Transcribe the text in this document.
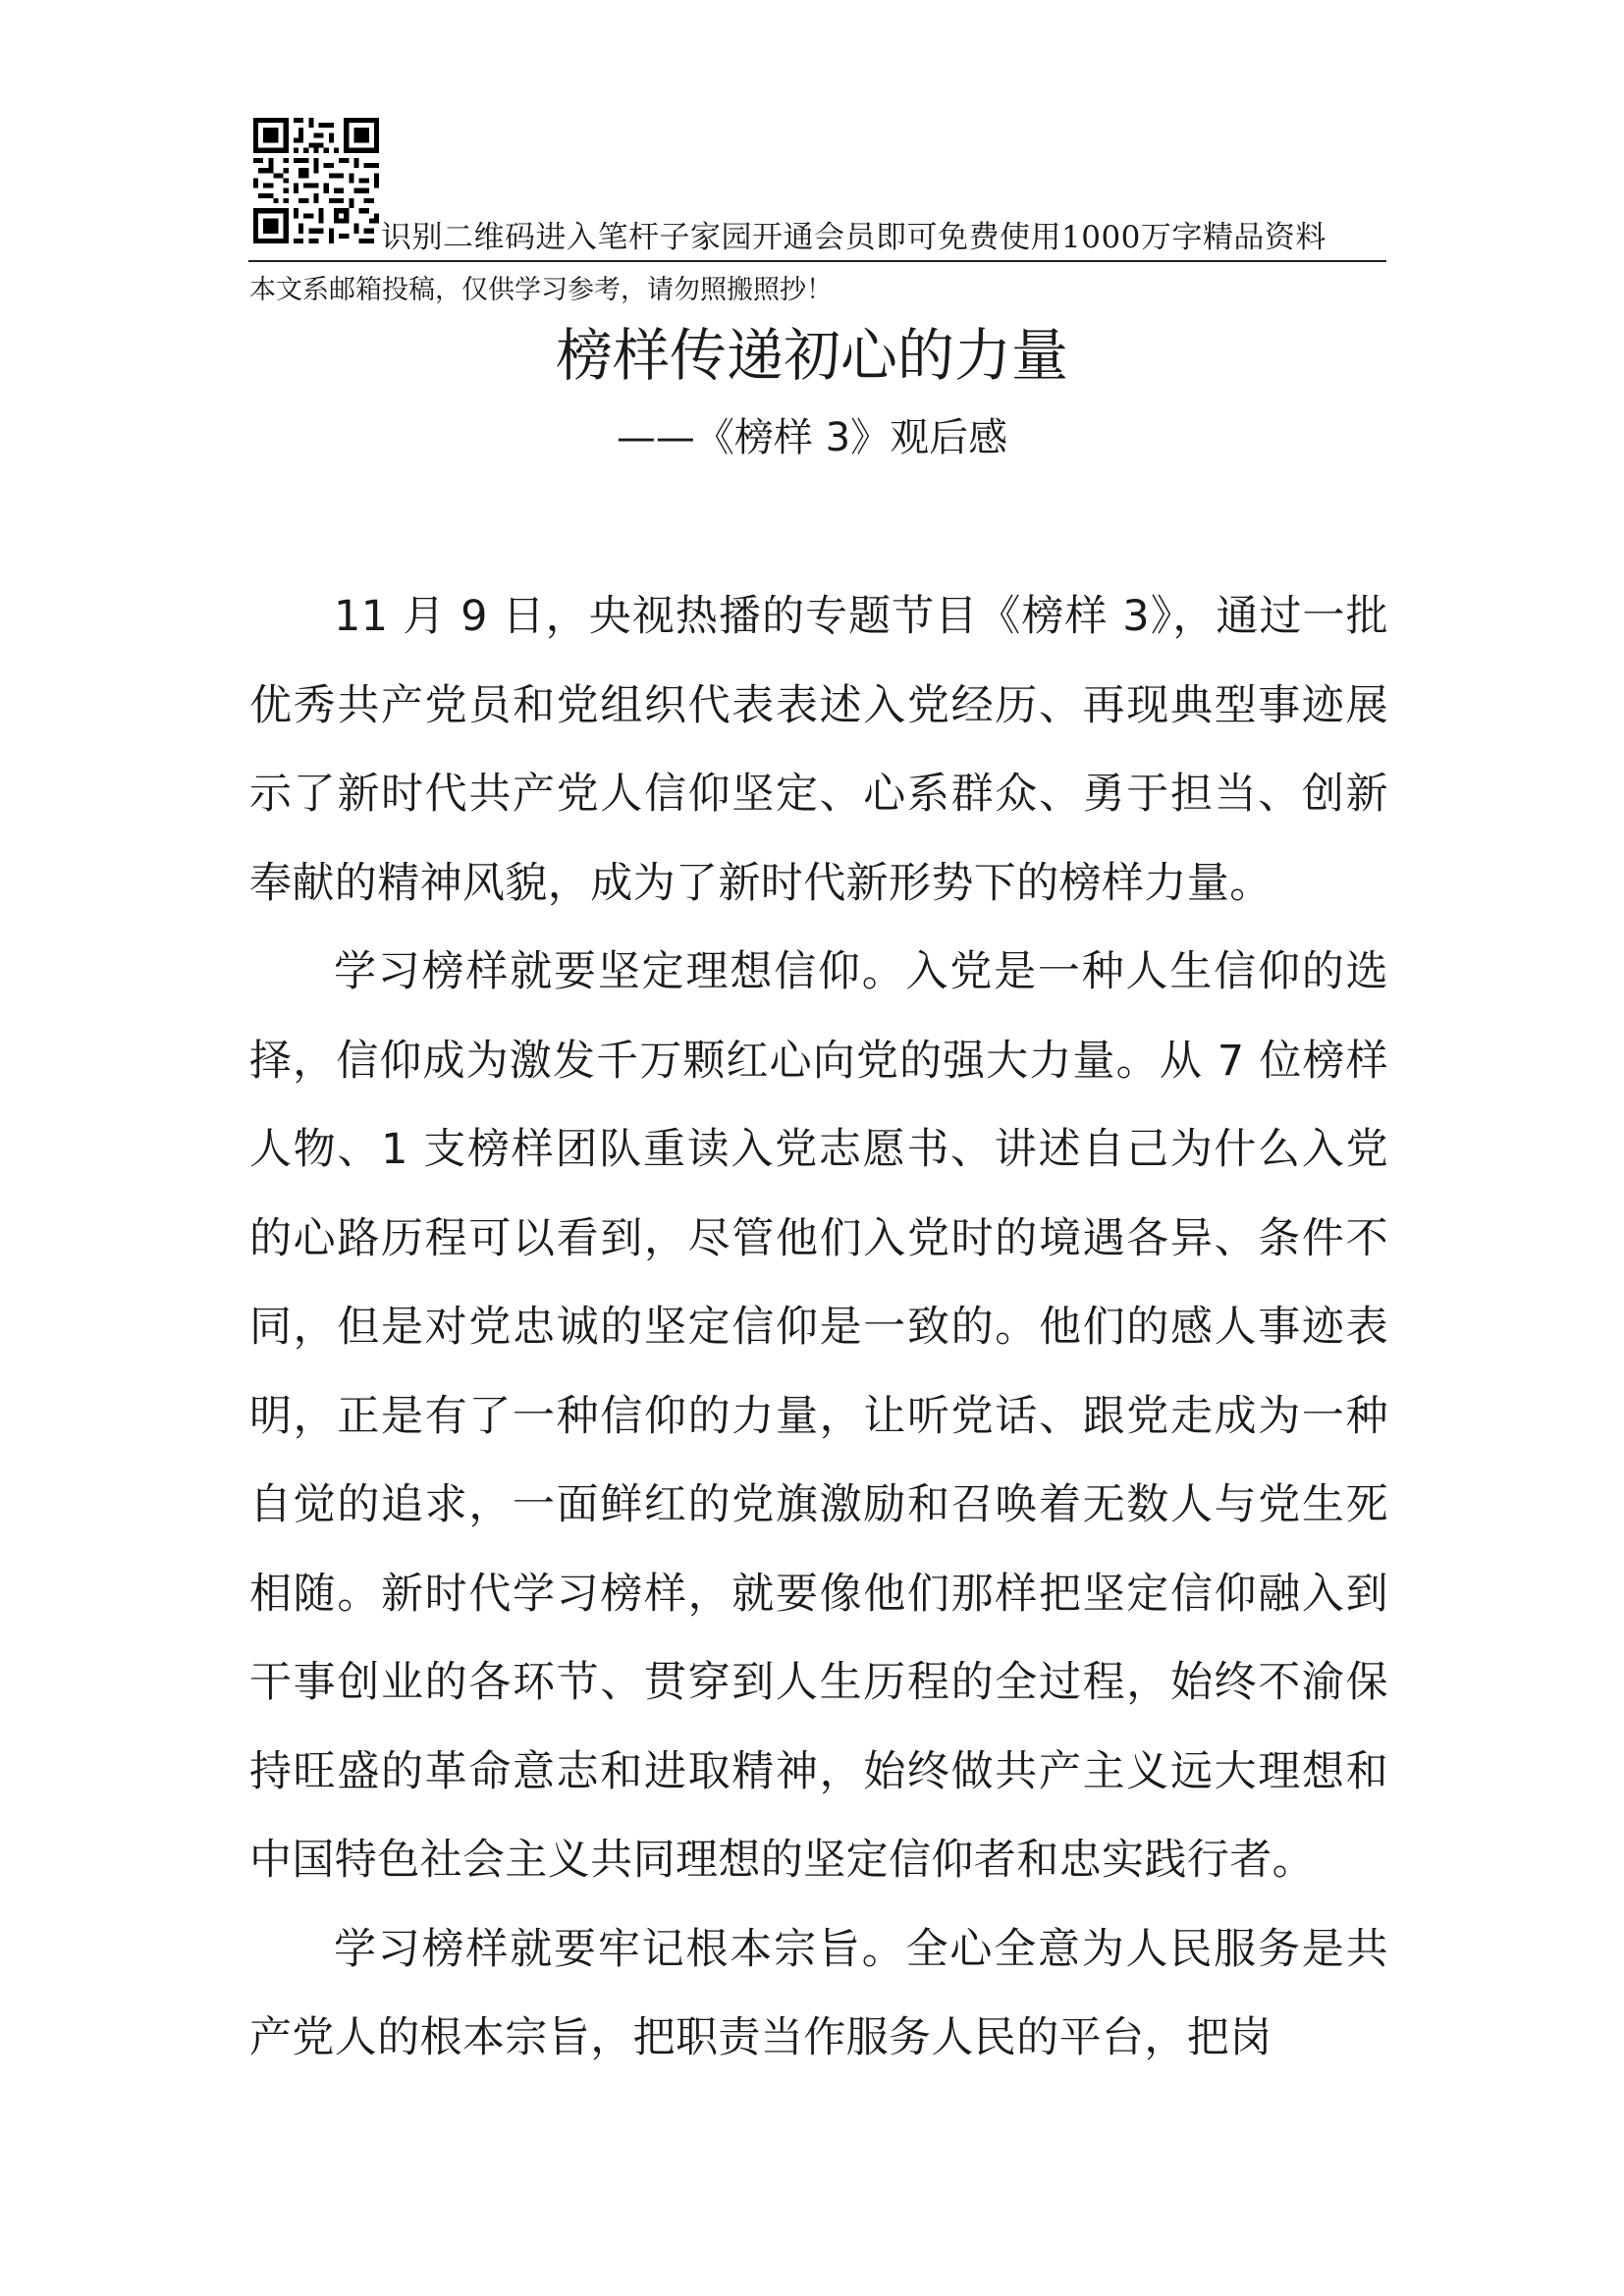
识别二维码进入笔杆子家园开通会员即可免费使用1000万字精品资料
本文系邮箱投稿，仅供学习参考，请勿照搬照抄！
榜样传递初心的力量
——《榜样 3》观后感

11 月 9 日，央视热播的专题节目《榜样 3》，通过一批优秀共产党员和党组织代表表述入党经历、再现典型事迹展示了新时代共产党人信仰坚定、心系群众、勇于担当、创新奉献的精神风貌，成为了新时代新形势下的榜样力量。

学习榜样就要坚定理想信仰。入党是一种人生信仰的选择，信仰成为激发千万颗红心向党的强大力量。从 7 位榜样人物、1 支榜样团队重读入党志愿书、讲述自己为什么入党的心路历程可以看到，尽管他们入党时的境遇各异、条件不同，但是对党忠诚的坚定信仰是一致的。他们的感人事迹表明，正是有了一种信仰的力量，让听党话、跟党走成为一种自觉的追求，一面鲜红的党旗激励和召唤着无数人与党生死相随。新时代学习榜样，就要像他们那样把坚定信仰融入到干事创业的各环节、贯穿到人生历程的全过程，始终不渝保持旺盛的革命意志和进取精神，始终做共产主义远大理想和中国特色社会主义共同理想的坚定信仰者和忠实践行者。

学习榜样就要牢记根本宗旨。全心全意为人民服务是共产党人的根本宗旨，把职责当作服务人民的平台，把岗
